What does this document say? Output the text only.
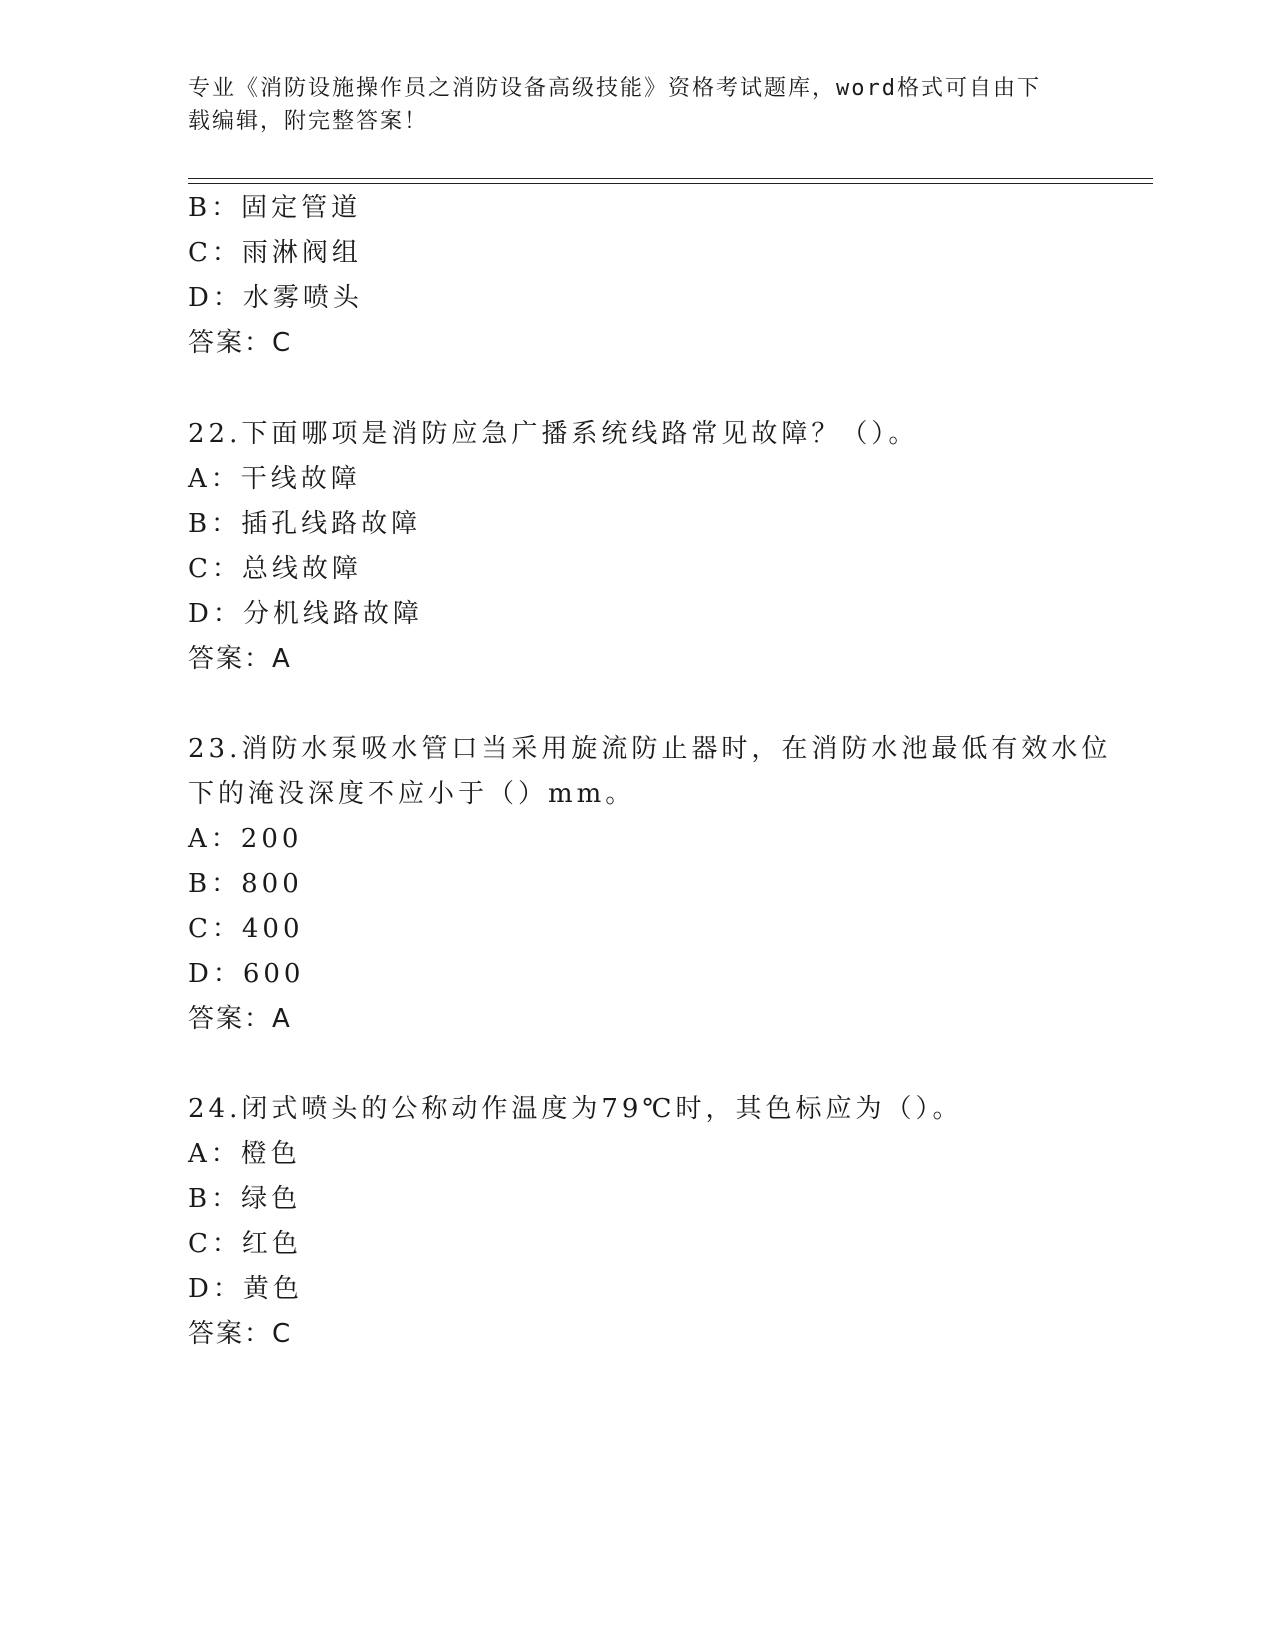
专业《消防设施操作员之消防设备高级技能》资格考试题库，word格式可自由下
载编辑，附完整答案！
B：固定管道
C：雨淋阀组
D：水雾喷头
答案：C
22.下面哪项是消防应急广播系统线路常见故障？（）。
A：干线故障
B：插孔线路故障
C：总线故障
D：分机线路故障
答案：A
23.消防水泵吸水管口当采用旋流防止器时，在消防水池最低有效水位
下的淹没深度不应小于（）mm。
A：200
B：800
C：400
D：600
答案：A
24.闭式喷头的公称动作温度为79℃时，其色标应为（）。
A：橙色
B：绿色
C：红色
D：黄色
答案：C
